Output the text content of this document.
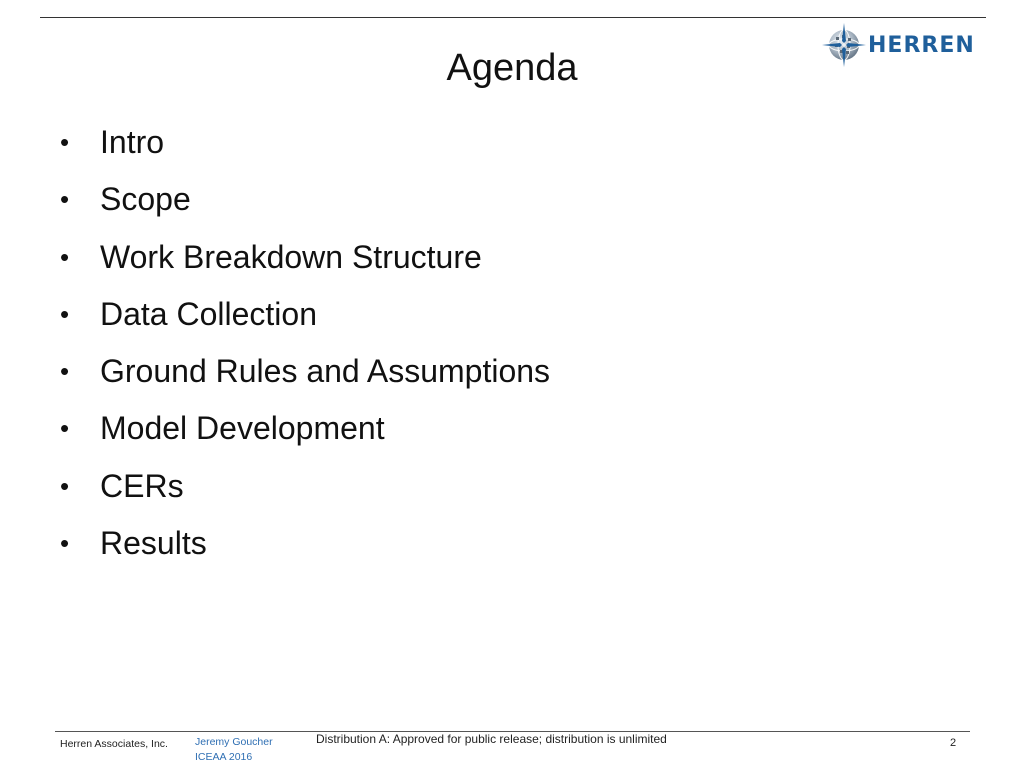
Agenda
HERREN
• Intro
• Scope
• Work Breakdown Structure
• Data Collection
• Ground Rules and Assumptions
• Model Development
• CERs
• Results
Herren Associates, Inc.	Jeremy Goucher
ICEAA 2016
Distribution A: Approved for public release; distribution is unlimited	2
